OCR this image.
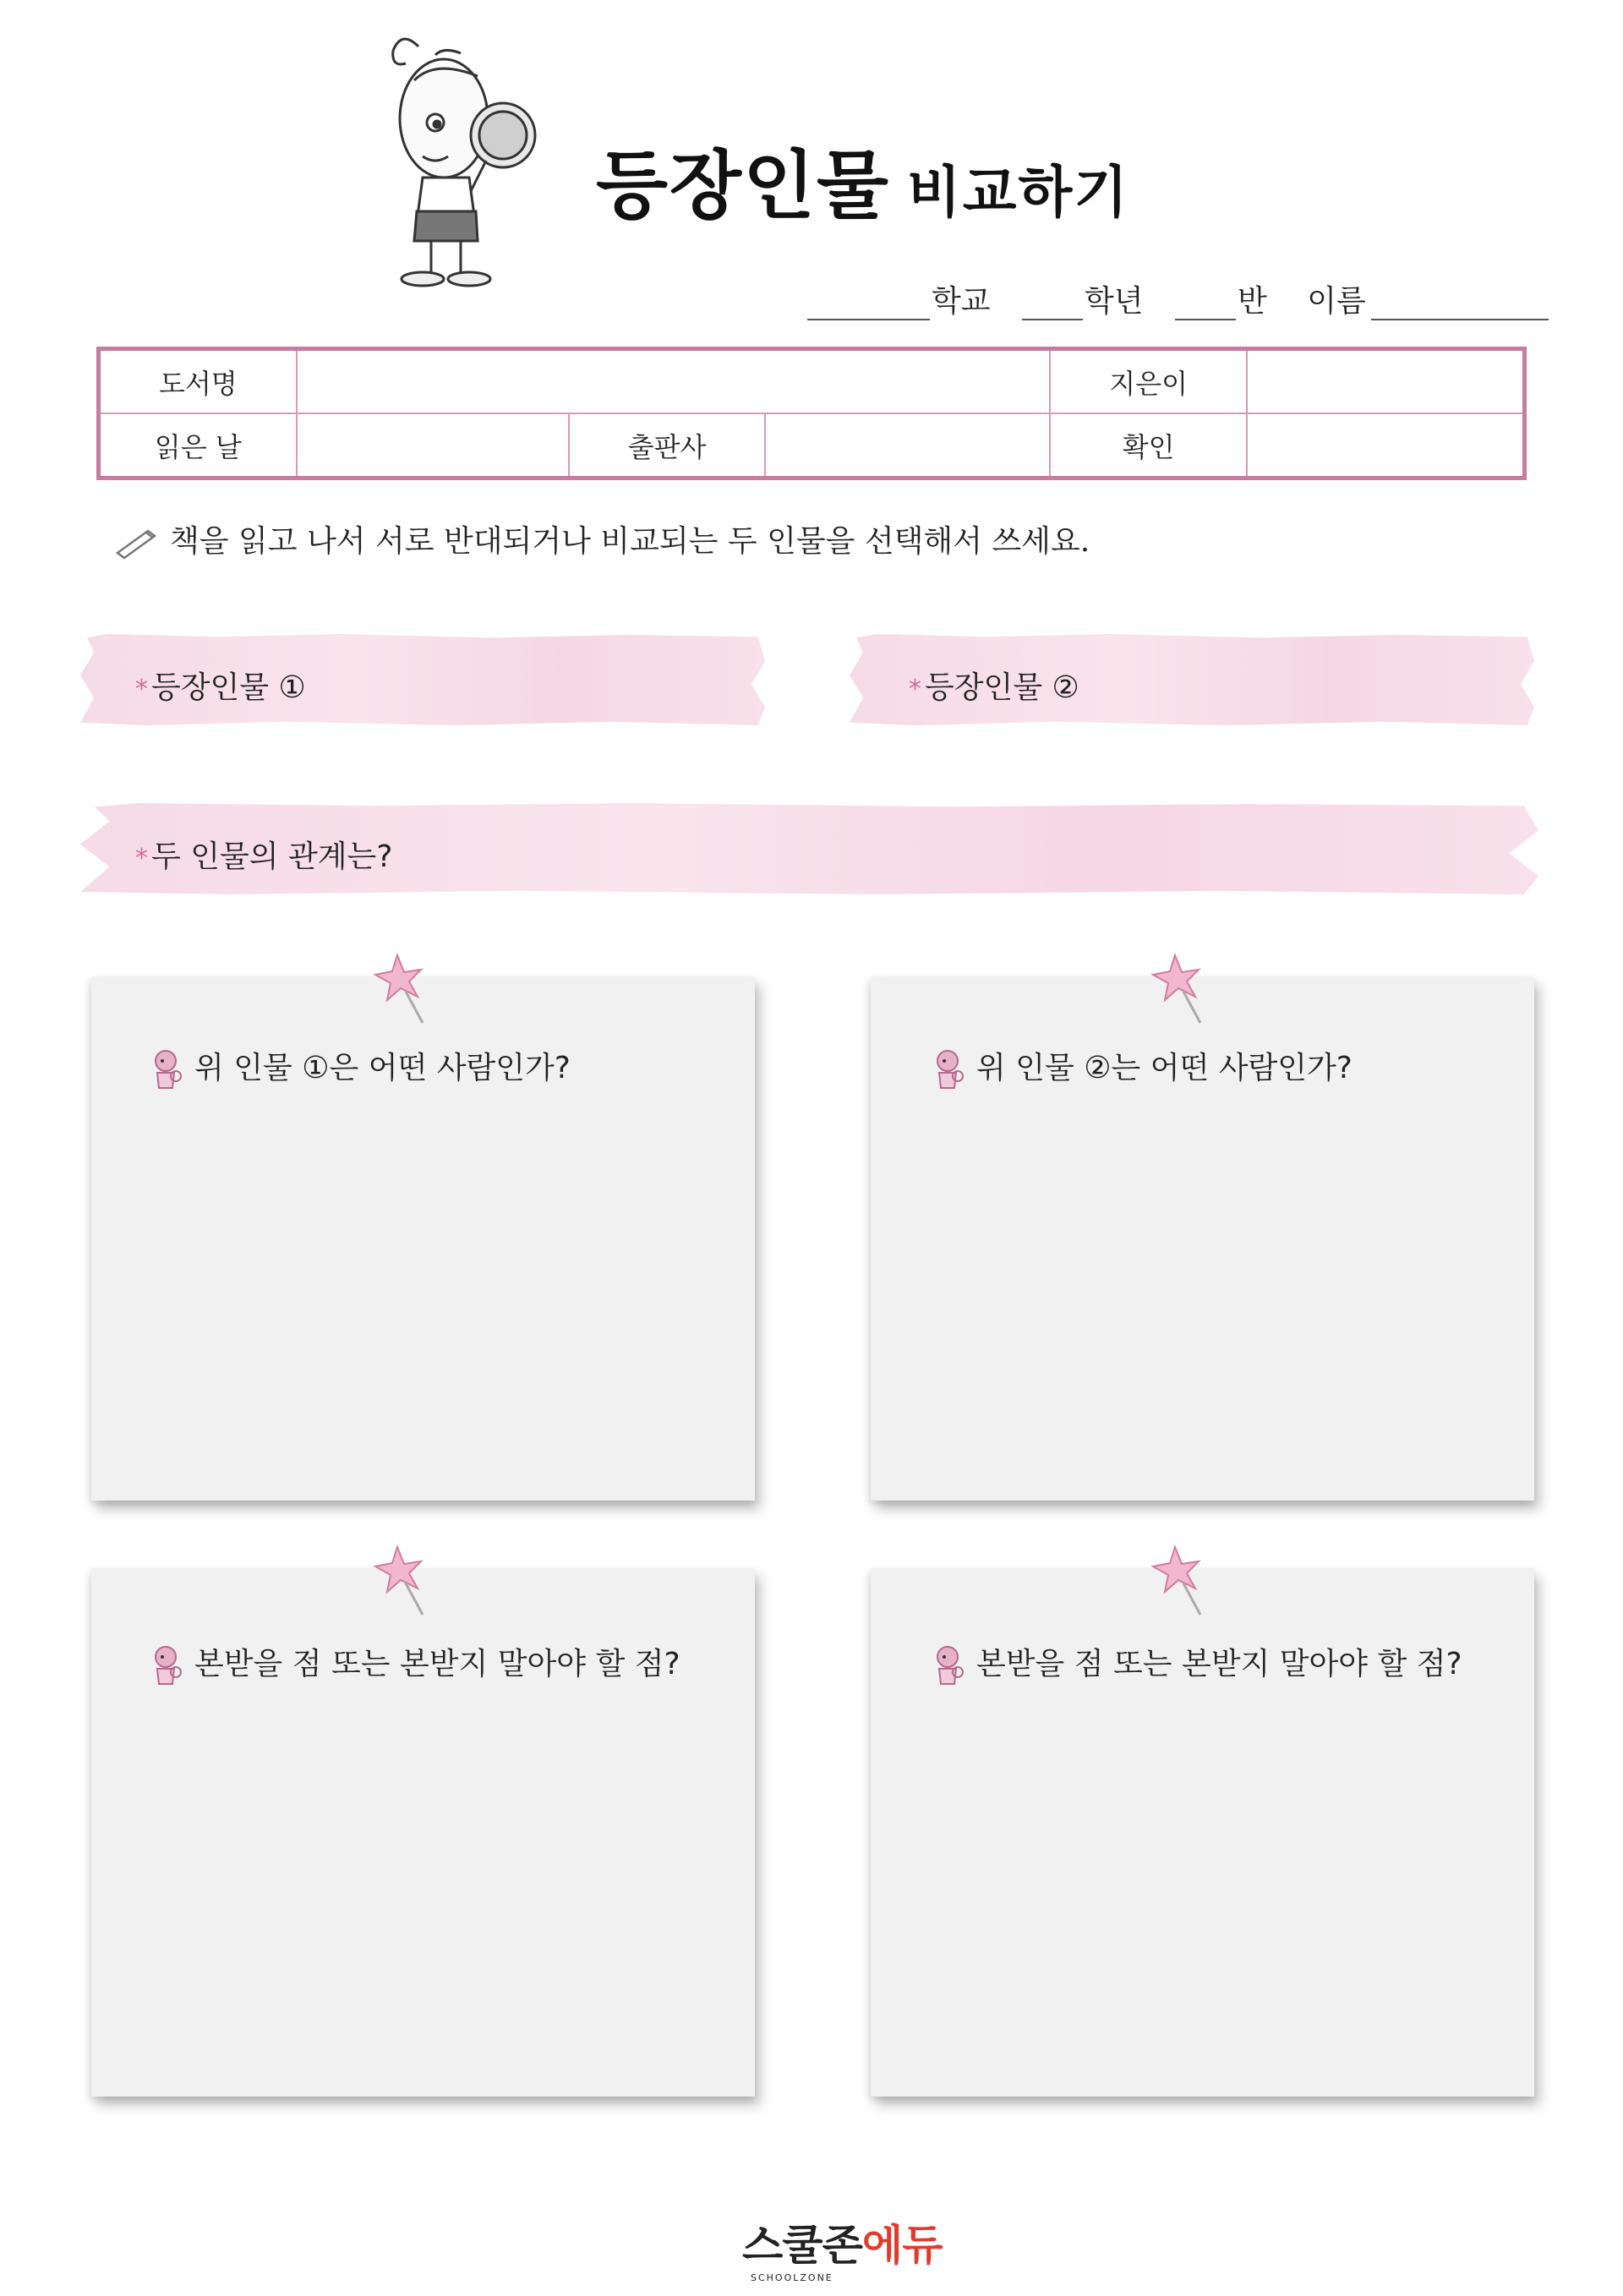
등장인물 비교하기
학교	학년	반 이름
도서명				지은이	
읽은 날		출판사		확인	
책을 읽고 나서 서로 반대되거나 비교되는 두 인물을 선택해서 쓰세요.
* 등장인물 ①	* 등장인물 ②
* 두 인물의 관계는?
위 인물 ①은 어떤 사람인가?	위 인물 ②는 어떤 사람인가?
본받을 점 또는 본받지 말아야 할 점?	본받을 점 또는 본받지 말아야 할 점?
스쿨존에듀
SCHOOLZONE
